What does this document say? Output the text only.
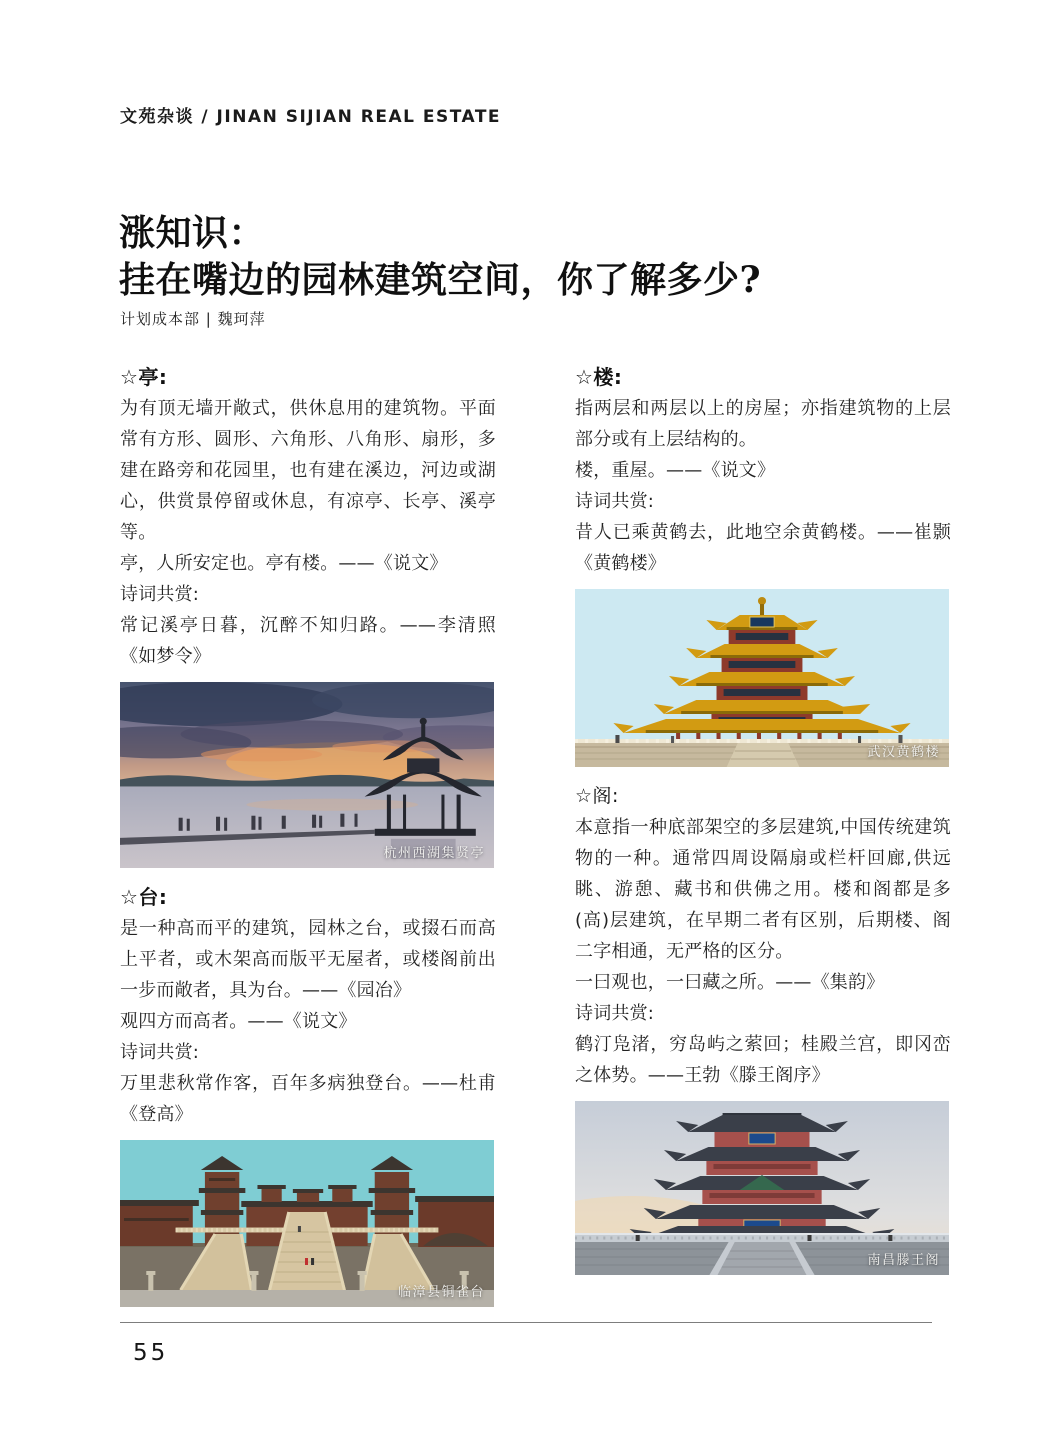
文苑杂谈 / JINAN SIJIAN REAL ESTATE
涨知识：
挂在嘴边的园林建筑空间，你了解多少?
计划成本部 | 魏珂萍
☆亭:

为有顶无墙开敞式，供休息用的建筑物。平面常有方形、圆形、六角形、八角形、扇形，多建在路旁和花园里，也有建在溪边，河边或湖心，供赏景停留或休息，有凉亭、长亭、溪亭等。

亭，人所安定也。亭有楼。——《说文》

诗词共赏:

常记溪亭日暮，沉醉不知归路。——李清照《如梦令》

杭州西湖集贤亭
☆台:

是一种高而平的建筑，园林之台，或掇石而高上平者，或木架高而版平无屋者，或楼阁前出一步而敞者，具为台。——《园冶》

观四方而高者。——《说文》

诗词共赏:

万里悲秋常作客，百年多病独登台。——杜甫《登高》

临漳县铜雀台
☆楼:

指两层和两层以上的房屋；亦指建筑物的上层部分或有上层结构的。

楼，重屋。——《说文》

诗词共赏:

昔人已乘黄鹤去，此地空余黄鹤楼。——崔颢《黄鹤楼》

武汉黄鹤楼
☆阁:

本意指一种底部架空的多层建筑,中国传统建筑物的一种。通常四周设隔扇或栏杆回廊,供远眺、游憩、藏书和供佛之用。楼和阁都是多(高)层建筑，在早期二者有区别，后期楼、阁二字相通，无严格的区分。

一曰观也，一曰藏之所。——《集韵》

诗词共赏:

鹤汀凫渚，穷岛屿之萦回；桂殿兰宫，即冈峦之体势。——王勃《滕王阁序》

南昌滕王阁
55
